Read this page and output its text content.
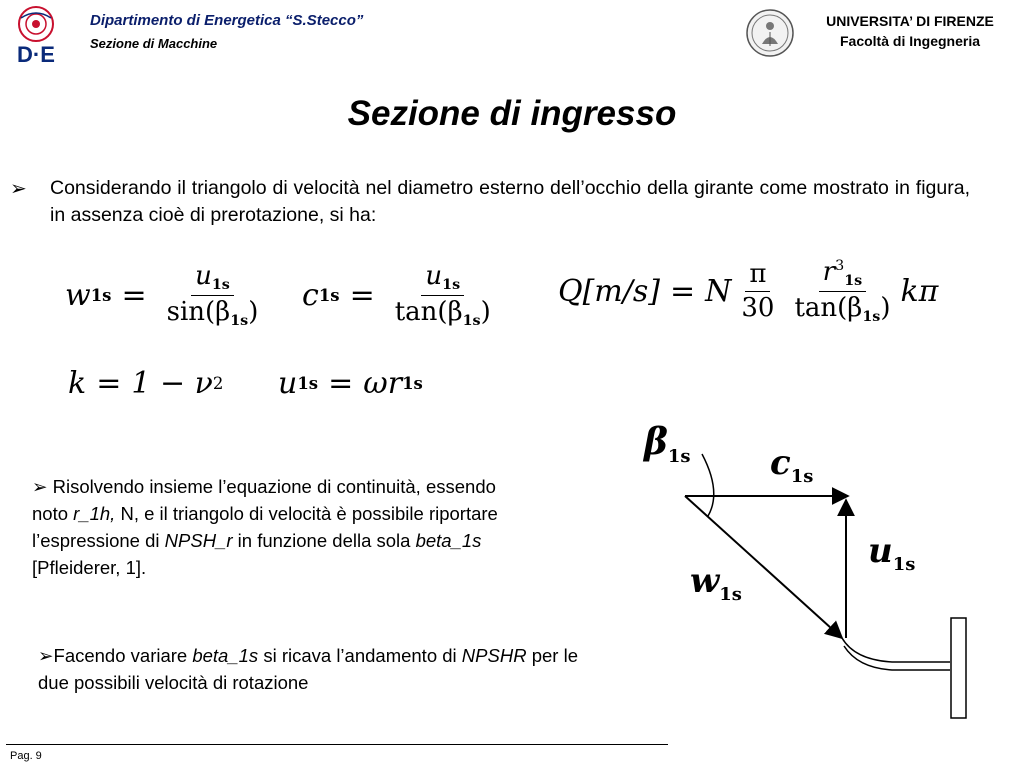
D·E
Dipartimento di Energetica “S.Stecco”
Sezione di Macchine
UNIVERSITA’ DI FIRENZE
Facoltà di Ingegneria
Sezione di ingresso
➢ Considerando il triangolo di velocità nel diametro esterno dell’occhio della girante come mostrato in figura, in assenza cioè di prerotazione, si ha:
w $1s = \frac{u_{1s}}{\sin(\beta_{1s})}$ c $1s = \frac{u_{1s}}{\tan(\beta_{1s})} Q[m/s] = N \frac{\pi}{30} \frac{r^3_{1s}}{\tan(\beta_{1s})}$ kπ
k = 1 − ν 2 u 1s = ωr 1s
➢ Risolvendo insieme l’equazione di continuità, essendo noto r_1h, N, e il triangolo di velocità è possibile riportare l’espressione di NPSH_r in funzione della sola beta_1s [Pfleiderer, 1].
➢Facendo variare beta_1s si ricava l’andamento di NPSHR per le due possibili velocità di rotazione
$\beta_{1s}$ $c_{1s}$
$u_{1s}$
$w_{1s}$
Pag. 9
